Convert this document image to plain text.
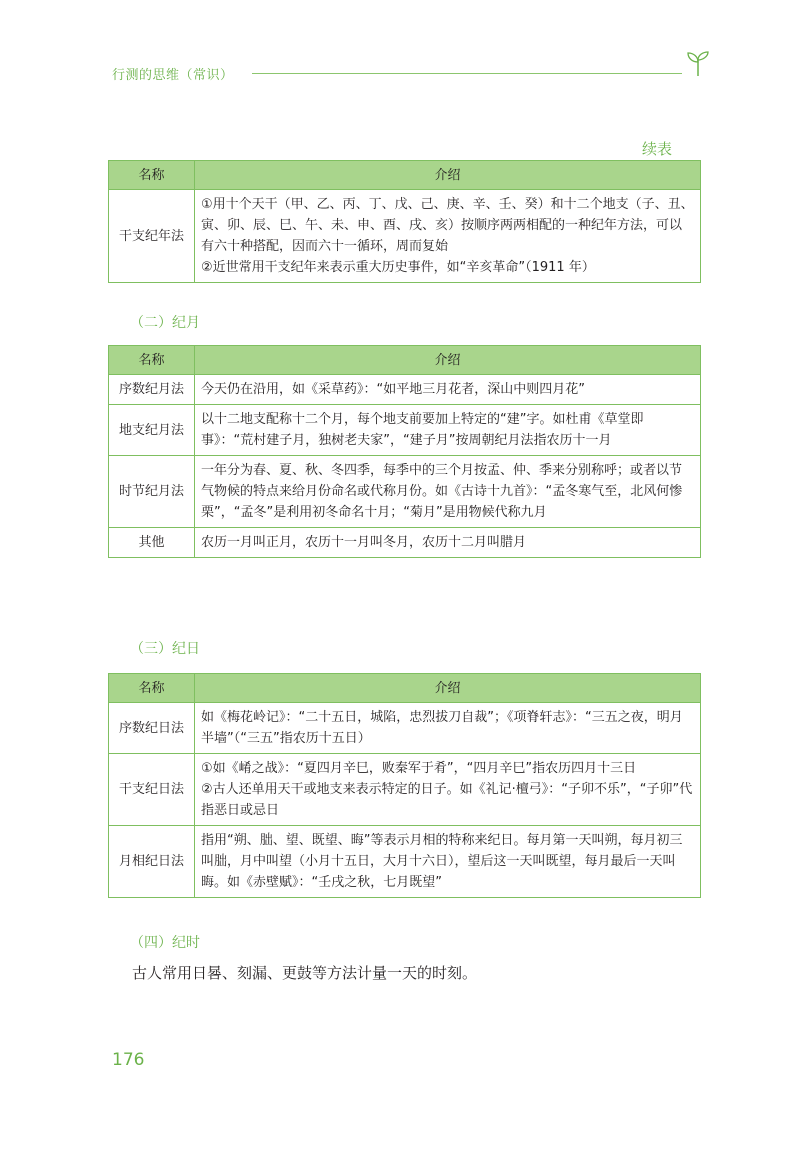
行测的思维（常识）
续表
名称	介绍
干支纪年法	①用十个天干（甲、乙、丙、丁、戊、己、庚、辛、壬、癸）和十二个地支（子、丑、寅、卯、辰、巳、午、未、申、酉、戌、亥）按顺序两两相配的一种纪年方法，可以有六十种搭配，因而六十一循环，周而复始
②近世常用干支纪年来表示重大历史事件，如“辛亥革命”（1911 年）
（二）纪月
名称	介绍
序数纪月法	今天仍在沿用，如《采草药》：“如平地三月花者，深山中则四月花”
地支纪月法	以十二地支配称十二个月，每个地支前要加上特定的“建”字。如杜甫《草堂即事》：“荒村建子月，独树老夫家”，“建子月”按周朝纪月法指农历十一月
时节纪月法	一年分为春、夏、秋、冬四季，每季中的三个月按孟、仲、季来分别称呼；或者以节气物候的特点来给月份命名或代称月份。如《古诗十九首》：“孟冬寒气至，北风何惨栗”，“孟冬”是利用初冬命名十月；“菊月”是用物候代称九月
其他	农历一月叫正月，农历十一月叫冬月，农历十二月叫腊月
（三）纪日
名称	介绍
序数纪日法	如《梅花岭记》：“二十五日，城陷，忠烈拔刀自裁”；《项脊轩志》：“三五之夜，明月半墙”（“三五”指农历十五日）

干支纪日法	①如《崤之战》：“夏四月辛巳，败秦军于肴”，“四月辛巳”指农历四月十三日
②古人还单用天干或地支来表示特定的日子。如《礼记·檀弓》：“子卯不乐”，“子卯”代指恶日或忌日

月相纪日法	指用“朔、朏、望、既望、晦”等表示月相的特称来纪日。每月第一天叫朔，每月初三叫朏，月中叫望（小月十五日，大月十六日），望后这一天叫既望，每月最后一天叫晦。如《赤壁赋》：“壬戌之秋，七月既望”
（四）纪时
古人常用日晷、刻漏、更鼓等方法计量一天的时刻。
176
